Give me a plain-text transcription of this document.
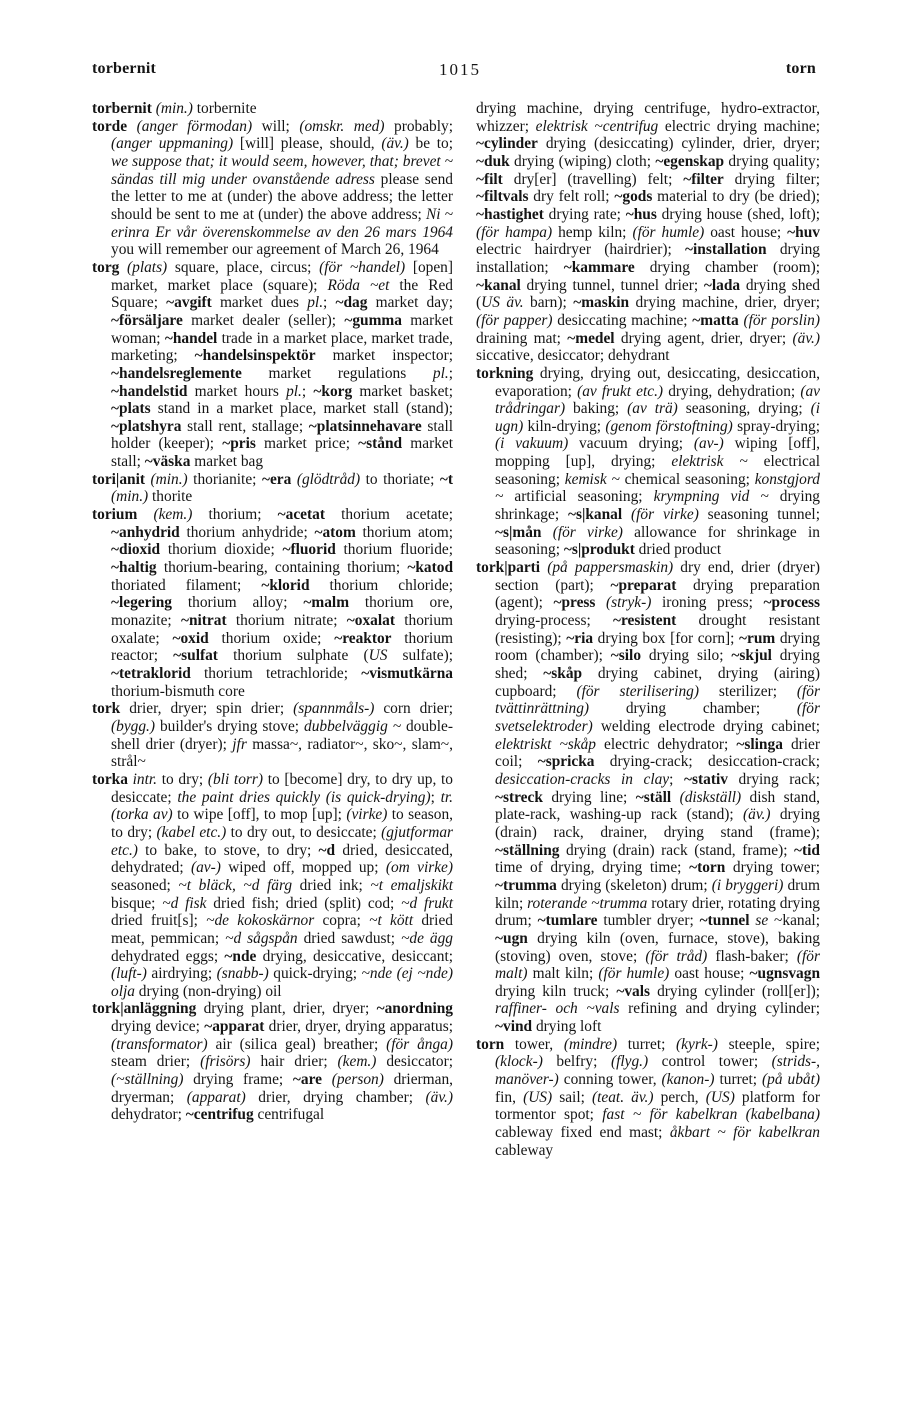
torbernit	1015	torn

torbernit (min.) torbernite

torde (anger förmodan) will; (omskr. med) probably; (anger uppmaning) [will] please, should, (äv.) be to; we suppose that; it would seem, however, that; brevet ~ sändas till mig under ovanstående adress please send the letter to me at (under) the above address; the letter should be sent to me at (under) the above address; Ni ~ erinra Er vår överenskommelse av den 26 mars 1964 you will remember our agreement of March 26, 1964

torg (plats) square, place, circus; (för ~handel) [open] market, market place (square); Röda ~et the Red Square; ~avgift market dues pl.; ~dag market day; ~försäljare market dealer (seller); ~gumma market woman; ~handel trade in a market place, market trade, marketing; ~handelsinspektör market inspector; ~handelsreglemente market regulations pl.; ~handelstid market hours pl.; ~korg market basket; ~plats stand in a market place, market stall (stand); ~platshyra stall rent, stallage; ~platsinnehavare stall holder (keeper); ~pris market price; ~stånd market stall; ~väska market bag

tori|anit (min.) thorianite; ~era (glödtråd) to thoriate; ~t (min.) thorite

torium (kem.) thorium; ~acetat thorium acetate; ~anhydrid thorium anhydride; ~atom thorium atom; ~dioxid thorium dioxide; ~fluorid thorium fluoride; ~haltig thorium-bearing, containing thorium; ~katod thoriated filament; ~klorid thorium chloride; ~legering thorium alloy; ~malm thorium ore, monazite; ~nitrat thorium nitrate; ~oxalat thorium oxalate; ~oxid thorium oxide; ~reaktor thorium reactor; ~sulfat thorium sulphate (US sulfate); ~tetraklorid thorium tetrachloride; ~vismutkärna thorium-bismuth core

tork drier, dryer; spin drier; (spannmåls-) corn drier; (bygg.) builder's drying stove; dubbelväggig ~ double-shell drier (dryer); jfr massa~, radiator~, sko~, slam~, strål~

torka intr. to dry; (bli torr) to [become] dry, to dry up, to desiccate; the paint dries quickly (is quick-drying); tr. (torka av) to wipe [off], to mop [up]; (virke) to season, to dry; (kabel etc.) to dry out, to desiccate; (gjutformar etc.) to bake, to stove, to dry; ~d dried, desiccated, dehydrated; (av-) wiped off, mopped up; (om virke) seasoned; ~t bläck, ~d färg dried ink; ~t emaljskikt bisque; ~d fisk dried fish; dried (split) cod; ~d frukt dried fruit[s]; ~de kokoskärnor copra; ~t kött dried meat, pemmican; ~d sågspån dried sawdust; ~de ägg dehydrated eggs; ~nde drying, desiccative, desiccant; (luft-) airdrying; (snabb-) quick-drying; ~nde (ej ~nde) olja drying (non-drying) oil

tork|anläggning drying plant, drier, dryer; ~anordning drying device; ~apparat drier, dryer, drying apparatus; (transformator) air (silica geal) breather; (för ånga) steam drier; (frisörs) hair drier; (kem.) desiccator; (~ställning) drying frame; ~are (person) drierman, dryerman; (apparat) drier, drying chamber; (äv.) dehydrator; ~centrifug centrifugal

drying machine, drying centrifuge, hydro-extractor, whizzer; elektrisk ~centrifug electric drying machine; ~cylinder drying (desiccating) cylinder, drier, dryer; ~duk drying (wiping) cloth; ~egenskap drying quality; ~filt dry[er] (travelling) felt; ~filter drying filter; ~filtvals dry felt roll; ~gods material to dry (be dried); ~hastighet drying rate; ~hus drying house (shed, loft); (för hampa) hemp kiln; (för humle) oast house; ~huv electric hairdryer (hairdrier); ~installation drying installation; ~kammare drying chamber (room); ~kanal drying tunnel, tunnel drier; ~lada drying shed (US äv. barn); ~maskin drying machine, drier, dryer; (för papper) desiccating machine; ~matta (för porslin) draining mat; ~medel drying agent, drier, dryer; (äv.) siccative, desiccator; dehydrant

torkning drying, drying out, desiccating, desiccation, evaporation; (av frukt etc.) drying, dehydration; (av trådringar) baking; (av trä) seasoning, drying; (i ugn) kiln-drying; (genom förstoftning) spray-drying; (i vakuum) vacuum drying; (av-) wiping [off], mopping [up], drying; elektrisk ~ electrical seasoning; kemisk ~ chemical seasoning; konstgjord ~ artificial seasoning; krympning vid ~ drying shrinkage; ~s|kanal (för virke) seasoning tunnel; ~s|mån (för virke) allowance for shrinkage in seasoning; ~s|produkt dried product

tork|parti (på pappersmaskin) dry end, drier (dryer) section (part); ~preparat drying preparation (agent); ~press (stryk-) ironing press; ~process drying-process; ~resistent drought resistant (resisting); ~ria drying box [for corn]; ~rum drying room (chamber); ~silo drying silo; ~skjul drying shed; ~skåp drying cabinet, drying (airing) cupboard; (för sterilisering) sterilizer; (för tvättinrättning) drying chamber; (för svetselektroder) welding electrode drying cabinet; elektriskt ~skåp electric dehydrator; ~slinga drier coil; ~spricka drying-crack; desiccation-crack; desiccation-cracks in clay; ~stativ drying rack; ~streck drying line; ~ställ (diskställ) dish stand, plate-rack, washing-up rack (stand); (äv.) drying (drain) rack, drainer, drying stand (frame); ~ställning drying (drain) rack (stand, frame); ~tid time of drying, drying time; ~torn drying tower; ~trumma drying (skeleton) drum; (i bryggeri) drum kiln; roterande ~trumma rotary drier, rotating drying drum; ~tumlare tumbler dryer; ~tunnel se ~kanal; ~ugn drying kiln (oven, furnace, stove), baking (stoving) oven, stove; (för tråd) flash-baker; (för malt) malt kiln; (för humle) oast house; ~ugnsvagn drying kiln truck; ~vals drying cylinder (roll[er]); raffiner- och ~vals refining and drying cylinder; ~vind drying loft

torn tower, (mindre) turret; (kyrk-) steeple, spire; (klock-) belfry; (flyg.) control tower; (strids-, manöver-) conning tower, (kanon-) turret; (på ubåt) fin, (US) sail; (teat. äv.) perch, (US) platform for tormentor spot; fast ~ för kabelkran (kabelbana) cableway fixed end mast; åkbart ~ för kabelkran cableway
